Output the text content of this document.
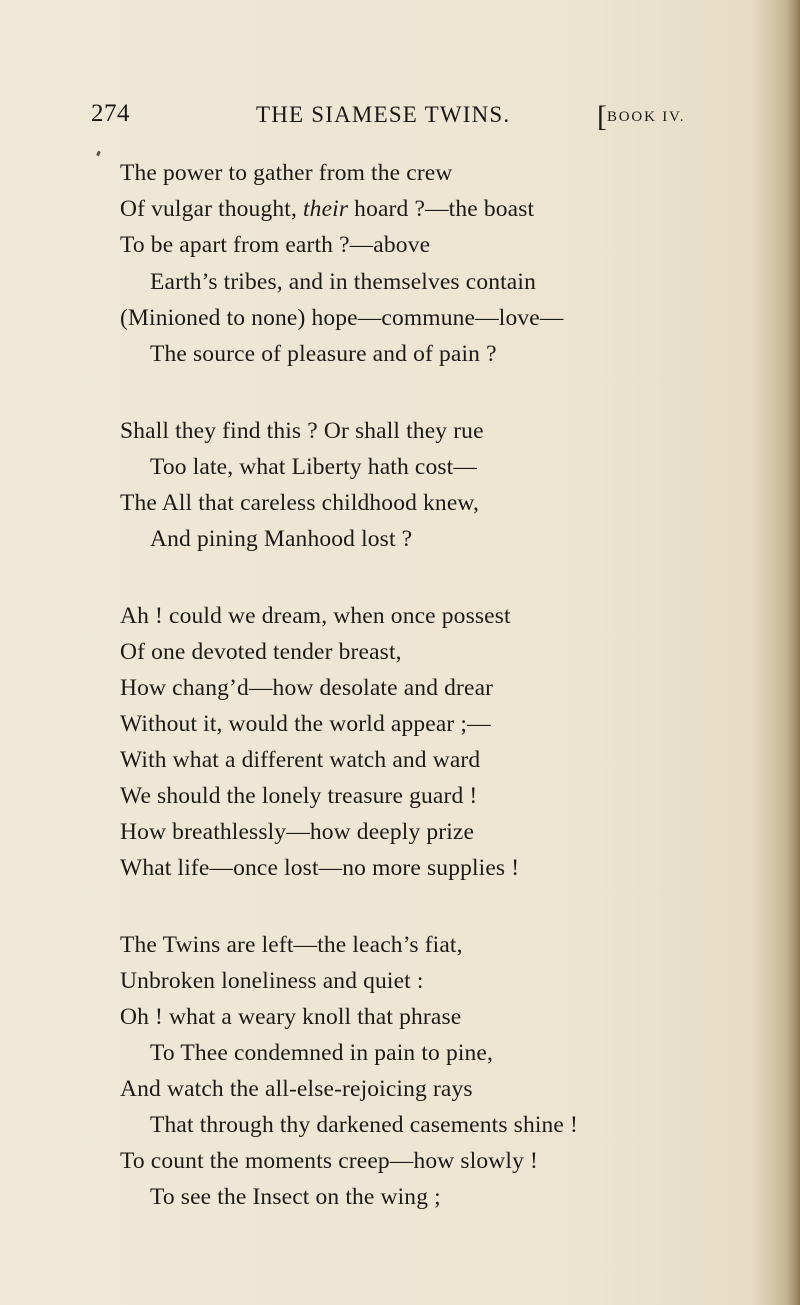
274	THE SIAMESE TWINS.	[BOOK IV.
The power to gather from the crew
Of vulgar thought, their hoard ?—the boast
To be apart from earth ?—above
Earth’s tribes, and in themselves contain
(Minioned to none) hope—commune—love—
The source of pleasure and of pain ?
Shall they find this ? Or shall they rue
Too late, what Liberty hath cost—
The All that careless childhood knew,
And pining Manhood lost ?
Ah ! could we dream, when once possest
Of one devoted tender breast,
How chang’d—how desolate and drear
Without it, would the world appear ;—
With what a different watch and ward
We should the lonely treasure guard !
How breathlessly—how deeply prize
What life—once lost—no more supplies !
The Twins are left—the leach’s fiat,
Unbroken loneliness and quiet :
Oh ! what a weary knoll that phrase
To Thee condemned in pain to pine,
And watch the all-else-rejoicing rays
That through thy darkened casements shine !
To count the moments creep—how slowly !
To see the Insect on the wing ;
